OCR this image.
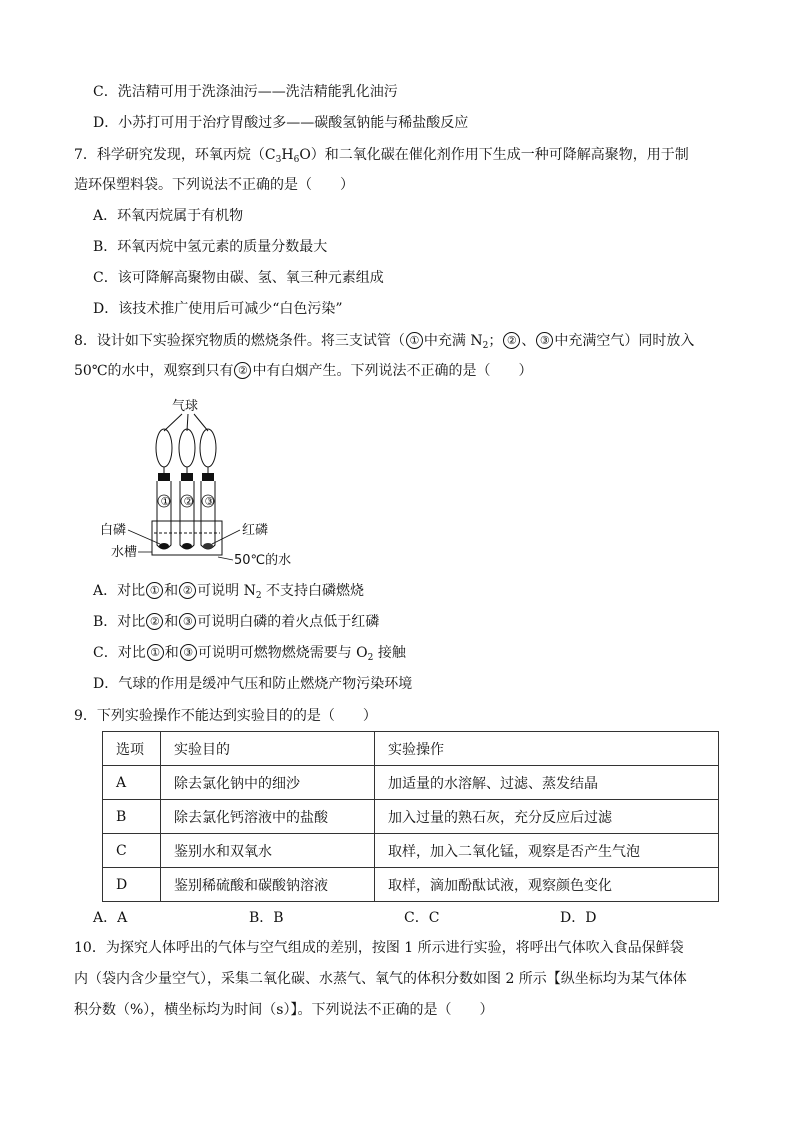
C．洗洁精可用于洗涤油污——洗洁精能乳化油污
D．小苏打可用于治疗胃酸过多——碳酸氢钠能与稀盐酸反应
7．科学研究发现，环氧丙烷$(C_3H_6O)$和二氧化碳在催化剂作用下生成一种可降解高聚物，用于制
造环保塑料袋。下列说法不正确的是（　　）
A．环氧丙烷属于有机物
B．环氧丙烷中氢元素的质量分数最大
C．该可降解高聚物由碳、氢、氧三种元素组成
D．该技术推广使用后可减少“白色污染”
8．设计如下实验探究物质的燃烧条件。将三支试管（ ① 中充满 $N_2$； ② 、 ③ 中充满空气）同时放入
50℃的水中，观察到只有 ② 中有白烟产生。下列说法不正确的是（　　）
气球
① ② ③
白磷	红磷
水槽
50℃的水
A．对比 ① 和 ② 可说明 $N_2$ 不支持白磷燃烧
B．对比 ② 和 ③ 可说明白磷的着火点低于红磷
C．对比 ① 和 ③ 可说明可燃物燃烧需要与 $O_2$ 接触
D．气球的作用是缓冲气压和防止燃烧产物污染环境
9．下列实验操作不能达到实验目的的是（　　）
选项	实验目的	实验操作
A	除去氯化钠中的细沙	加适量的水溶解、过滤、蒸发结晶
B	除去氯化钙溶液中的盐酸	加入过量的熟石灰，充分反应后过滤
C	鉴别水和双氧水	取样，加入二氧化锰，观察是否产生气泡
D	鉴别稀硫酸和碳酸钠溶液	取样，滴加酚酞试液，观察颜色变化
A．A	B．B	C．C	D．D
10．为探究人体呼出的气体与空气组成的差别，按图 1 所示进行实验，将呼出气体吹入食品保鲜袋
内（袋内含少量空气），采集二氧化碳、水蒸气、氧气的体积分数如图 2 所示【纵坐标均为某气体体
积分数（%），横坐标均为时间（s）】。下列说法不正确的是（　　）
